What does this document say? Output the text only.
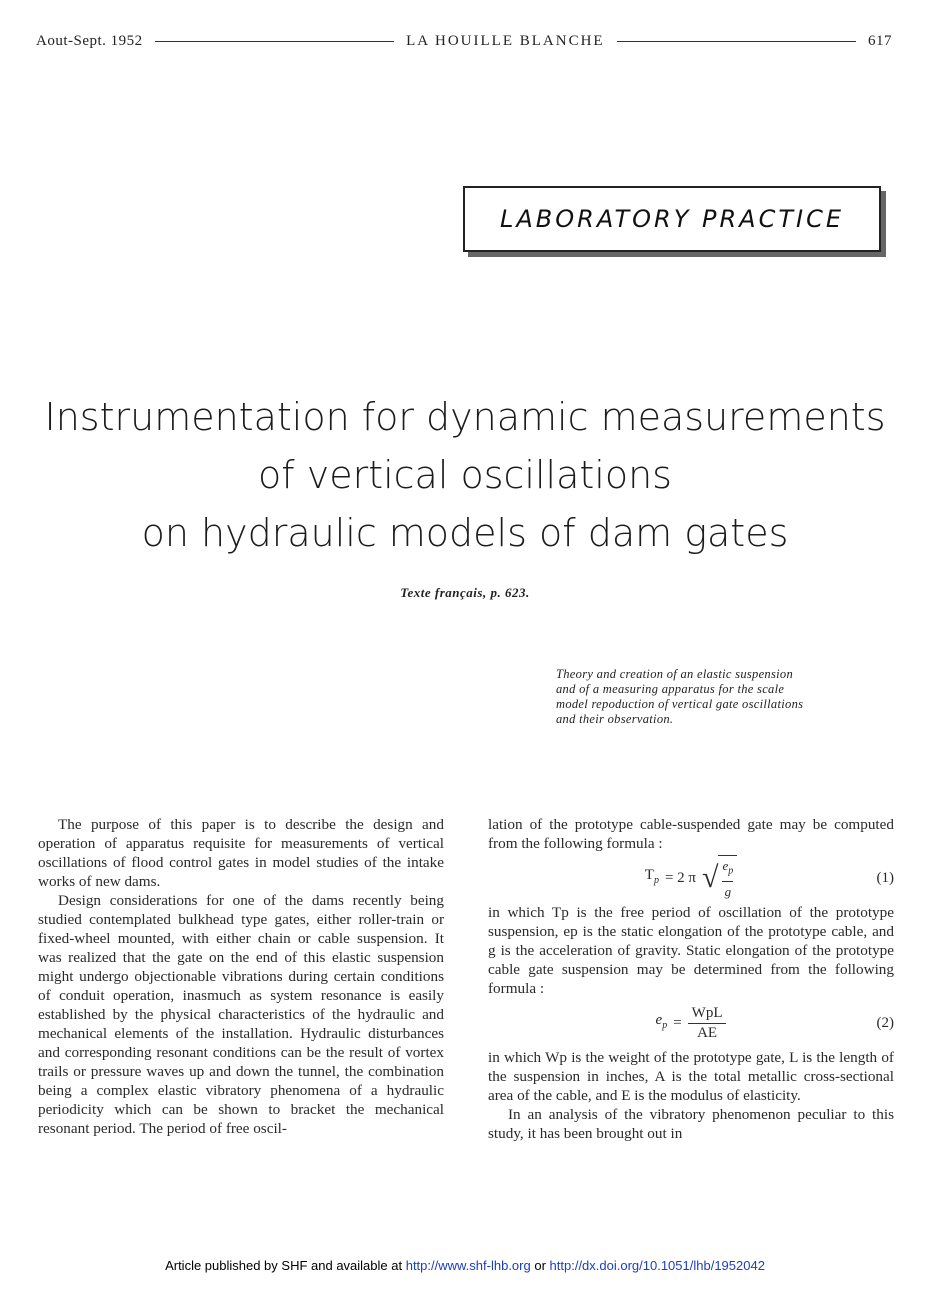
Aout-Sept. 1952	LA HOUILLE BLANCHE	617
LABORATORY PRACTICE
Instrumentation for dynamic measurements
of vertical oscillations
on hydraulic models of dam gates
Texte français, p. 623.
Theory and creation of an elastic suspension
and of a measuring apparatus for the scale
model repoduction of vertical gate oscillations
and their observation.

The purpose of this paper is to describe the design and operation of apparatus requisite for measurements of vertical oscillations of flood control gates in model studies of the intake works of new dams.

Design considerations for one of the dams recently being studied contemplated bulkhead type gates, either roller-train or fixed-wheel mounted, with either chain or cable suspension. It was realized that the gate on the end of this elastic suspension might undergo objectionable vibrations during certain conditions of conduit operation, inasmuch as system resonance is easily established by the physical characteristics of the hydraulic and mechanical elements of the installation. Hydraulic disturbances and corresponding resonant conditions can be the result of vortex trails or pressure waves up and down the tunnel, the combination being a complex elastic vibratory phenomena of a hydraulic periodicity which can be shown to bracket the mechanical resonant period. The period of free oscil-

lation of the prototype cable-suspended gate may be computed from the following formula :

$T_p = 2$ π √ $e_p$
g
(1)

in which Tp is the free period of oscillation of the prototype suspension, ep is the static elongation of the prototype cable, and g is the acceleration of gravity. Static elongation of the prototype cable gate suspension may be determined from the following formula :

$e_p = \frac{\text{WpL}}{AE}$	(2)

in which Wp is the weight of the prototype gate, L is the length of the suspension in inches, A is the total metallic cross-sectional area of the cable, and E is the modulus of elasticity.

In an analysis of the vibratory phenomenon peculiar to this study, it has been brought out in

Article published by SHF and available at http://www.shf-lhb.org or http://dx.doi.org/10.1051/lhb/1952042
